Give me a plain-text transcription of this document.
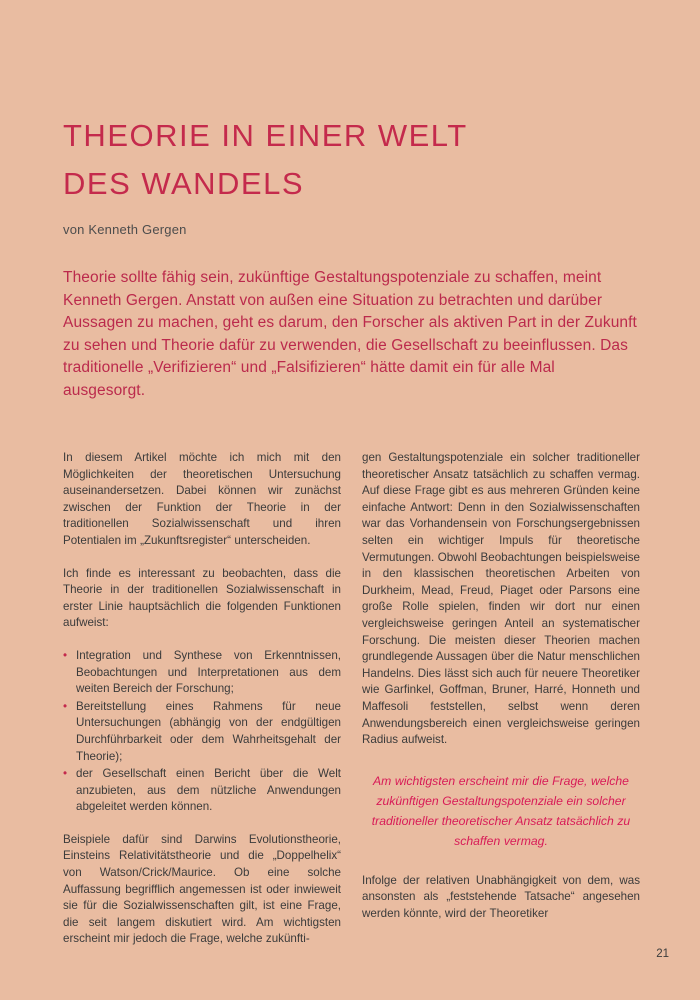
THEORIE IN EINER WELT
DES WANDELS
von Kenneth Gergen

Theorie sollte fähig sein, zukünftige Gestaltungspotenziale zu schaffen, meint Kenneth Gergen. Anstatt von außen eine Situation zu betrachten und darüber Aussagen zu machen, geht es darum, den Forscher als aktiven Part in der Zukunft zu sehen und Theorie dafür zu verwenden, die Gesellschaft zu beeinflussen. Das traditionelle „Verifizieren“ und „Falsifizieren“ hätte damit ein für alle Mal ausgesorgt.

In diesem Artikel möchte ich mich mit den Möglichkeiten der theoretischen Untersuchung auseinandersetzen. Dabei können wir zunächst zwischen der Funktion der Theorie in der traditionellen Sozialwissenschaft und ihren Potentialen im „Zukunftsregister“ unterscheiden.

Ich finde es interessant zu beobachten, dass die Theorie in der traditionellen Sozialwissenschaft in erster Linie hauptsächlich die folgenden Funktionen aufweist:

• Integration und Synthese von Erkenntnissen, Beobachtungen und Interpretationen aus dem weiten Bereich der Forschung;
• Bereitstellung eines Rahmens für neue Untersuchungen (abhängig von der endgültigen Durchführbarkeit oder dem Wahrheitsgehalt der Theorie);
• der Gesellschaft einen Bericht über die Welt anzubieten, aus dem nützliche Anwendungen abgeleitet werden können.

Beispiele dafür sind Darwins Evolutionstheorie, Einsteins Relativitätstheorie und die „Doppelhelix“ von Watson/Crick/Maurice. Ob eine solche Auffassung begrifflich angemessen ist oder inwieweit sie für die Sozialwissenschaften gilt, ist eine Frage, die seit langem diskutiert wird. Am wichtigsten erscheint mir jedoch die Frage, welche zukünfti-

gen Gestaltungspotenziale ein solcher traditioneller theoretischer Ansatz tatsächlich zu schaffen vermag. Auf diese Frage gibt es aus mehreren Gründen keine einfache Antwort: Denn in den Sozialwissenschaften war das Vorhandensein von Forschungsergebnissen selten ein wichtiger Impuls für theoretische Vermutungen. Obwohl Beobachtungen beispielsweise in den klassischen theoretischen Arbeiten von Durkheim, Mead, Freud, Piaget oder Parsons eine große Rolle spielen, finden wir dort nur einen vergleichsweise geringen Anteil an systematischer Forschung. Die meisten dieser Theorien machen grundlegende Aussagen über die Natur menschlichen Handelns. Dies lässt sich auch für neuere Theoretiker wie Garfinkel, Goffman, Bruner, Harré, Honneth und Maffesoli feststellen, selbst wenn deren Anwendungsbereich einen vergleichsweise geringen Radius aufweist.

Am wichtigsten erscheint mir die Frage, welche zukünftigen Gestaltungspotenziale ein solcher traditioneller theoretischer Ansatz tatsächlich zu schaffen vermag.

Infolge der relativen Unabhängigkeit von dem, was ansonsten als „feststehende Tatsache“ angesehen werden könnte, wird der Theoretiker

21
